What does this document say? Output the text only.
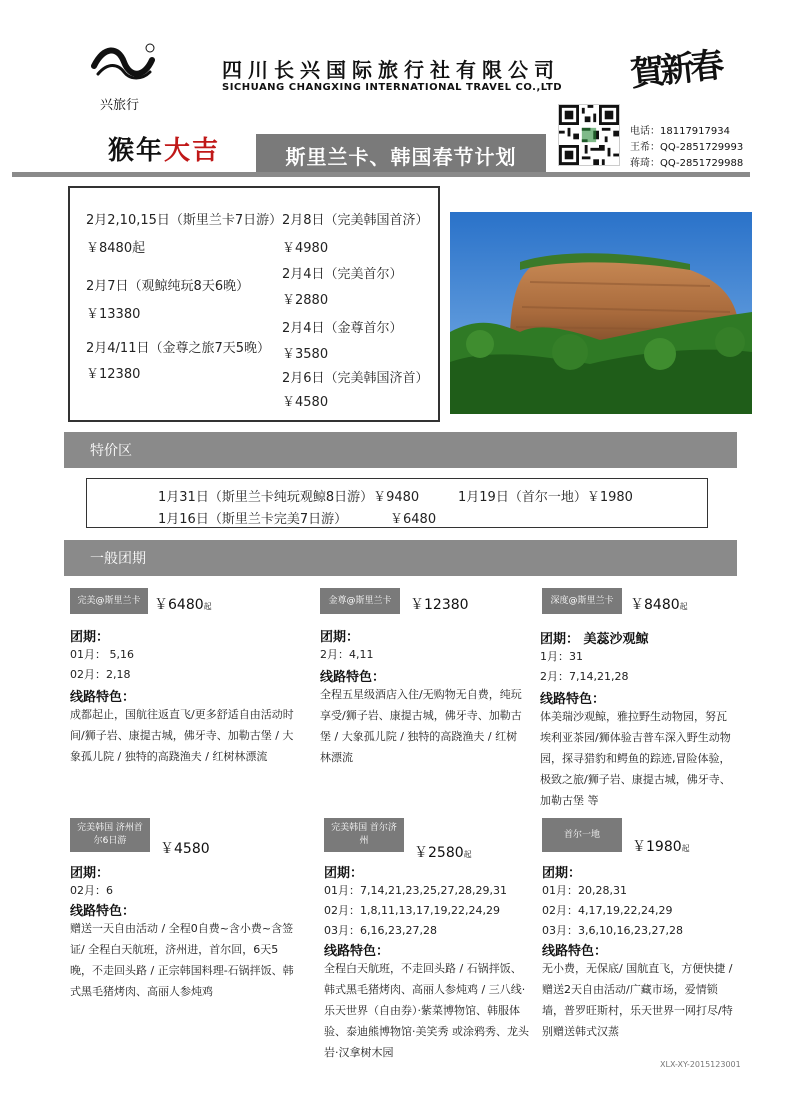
兴旅行
四川长兴国际旅行社有限公司
SICHUANG CHANGXING INTERNATIONAL TRAVEL CO.,LTD 賀新春
猴年大吉	斯里兰卡、韩国春节计划
电话：18117917934
王希：QQ-2851729993
蒋琦：QQ-2851729988
2月2,10,15日（斯里兰卡7日游）
￥8480起
2月7日（观鲸纯玩8天6晚）
￥13380
2月4/11日（金尊之旅7天5晚）
￥12380
2月8日（完美韩国首济）
￥4980
2月4日（完美首尔）
￥2880
2月4日（金尊首尔）
￥3580
2月6日（完美韩国济首）
￥4580
特价区
1月31日（斯里兰卡纯玩观鲸8日游）￥9480	1月19日（首尔一地）￥1980
1月16日（斯里兰卡完美7日游）	￥6480
一般团期
完美@斯里兰卡 ￥6480起
团期：
01月： 5,16
02月：2,18
线路特色：
成都起止，国航往返直飞/更多舒适自由活动时间/狮子岩、康提古城，佛牙寺、加勒古堡 / 大象孤儿院 / 独特的高跷渔夫 / 红树林漂流
金尊@斯里兰卡	￥12380
团期：
2月：4,11
线路特色：
全程五星级酒店入住/无购物无自费，纯玩享受/狮子岩、康提古城，佛牙寺、加勒古堡 / 大象孤儿院 / 独特的高跷渔夫 / 红树林漂流
深度@斯里兰卡	￥8480起
团期： 美蕊沙观鲸
1月：31
2月：7,14,21,28
线路特色：
体美瑞沙观鲸，雅拉野生动物园，努瓦埃利亚茶园/狮体验吉普车深入野生动物园，探寻猎豹和鳄鱼的踪迹,冒险体验，极致之旅/狮子岩、康提古城，佛牙寺、加勒古堡 等
完美韩国 济州首尔6日游	￥4580
团期：
02月：6
线路特色：
赠送一天自由活动 / 全程0自费~含小费~含签证/ 全程白天航班，济州进，首尔回，6天5晚，不走回头路 / 正宗韩国料理-石锅拌饭、韩式黑毛猪烤肉、高丽人参炖鸡
完美韩国 首尔济州
￥2580起
团期：
01月：7,14,21,23,25,27,28,29,31
02月：1,8,11,13,17,19,22,24,29
03月：6,16,23,27,28
线路特色：
全程白天航班，不走回头路 / 石锅拌饭、韩式黑毛猪烤肉、高丽人参炖鸡 / 三八线·乐天世界（自由券）·紫菜博物馆、韩服体验、泰迪熊博物馆·美笑秀 或涂鸦秀、龙头岩·汉拿树木园
首尔一地
￥1980起
团期：
01月：20,28,31
02月：4,17,19,22,24,29
03月：3,6,10,16,23,27,28
线路特色：
无小费，无保底/ 国航直飞，方便快捷 / 赠送2天自由活动/广藏市场，爱情锁墙，普罗旺斯村，乐天世界一网打尽/特别赠送韩式汉蒸
XLX-XY-2015123001
